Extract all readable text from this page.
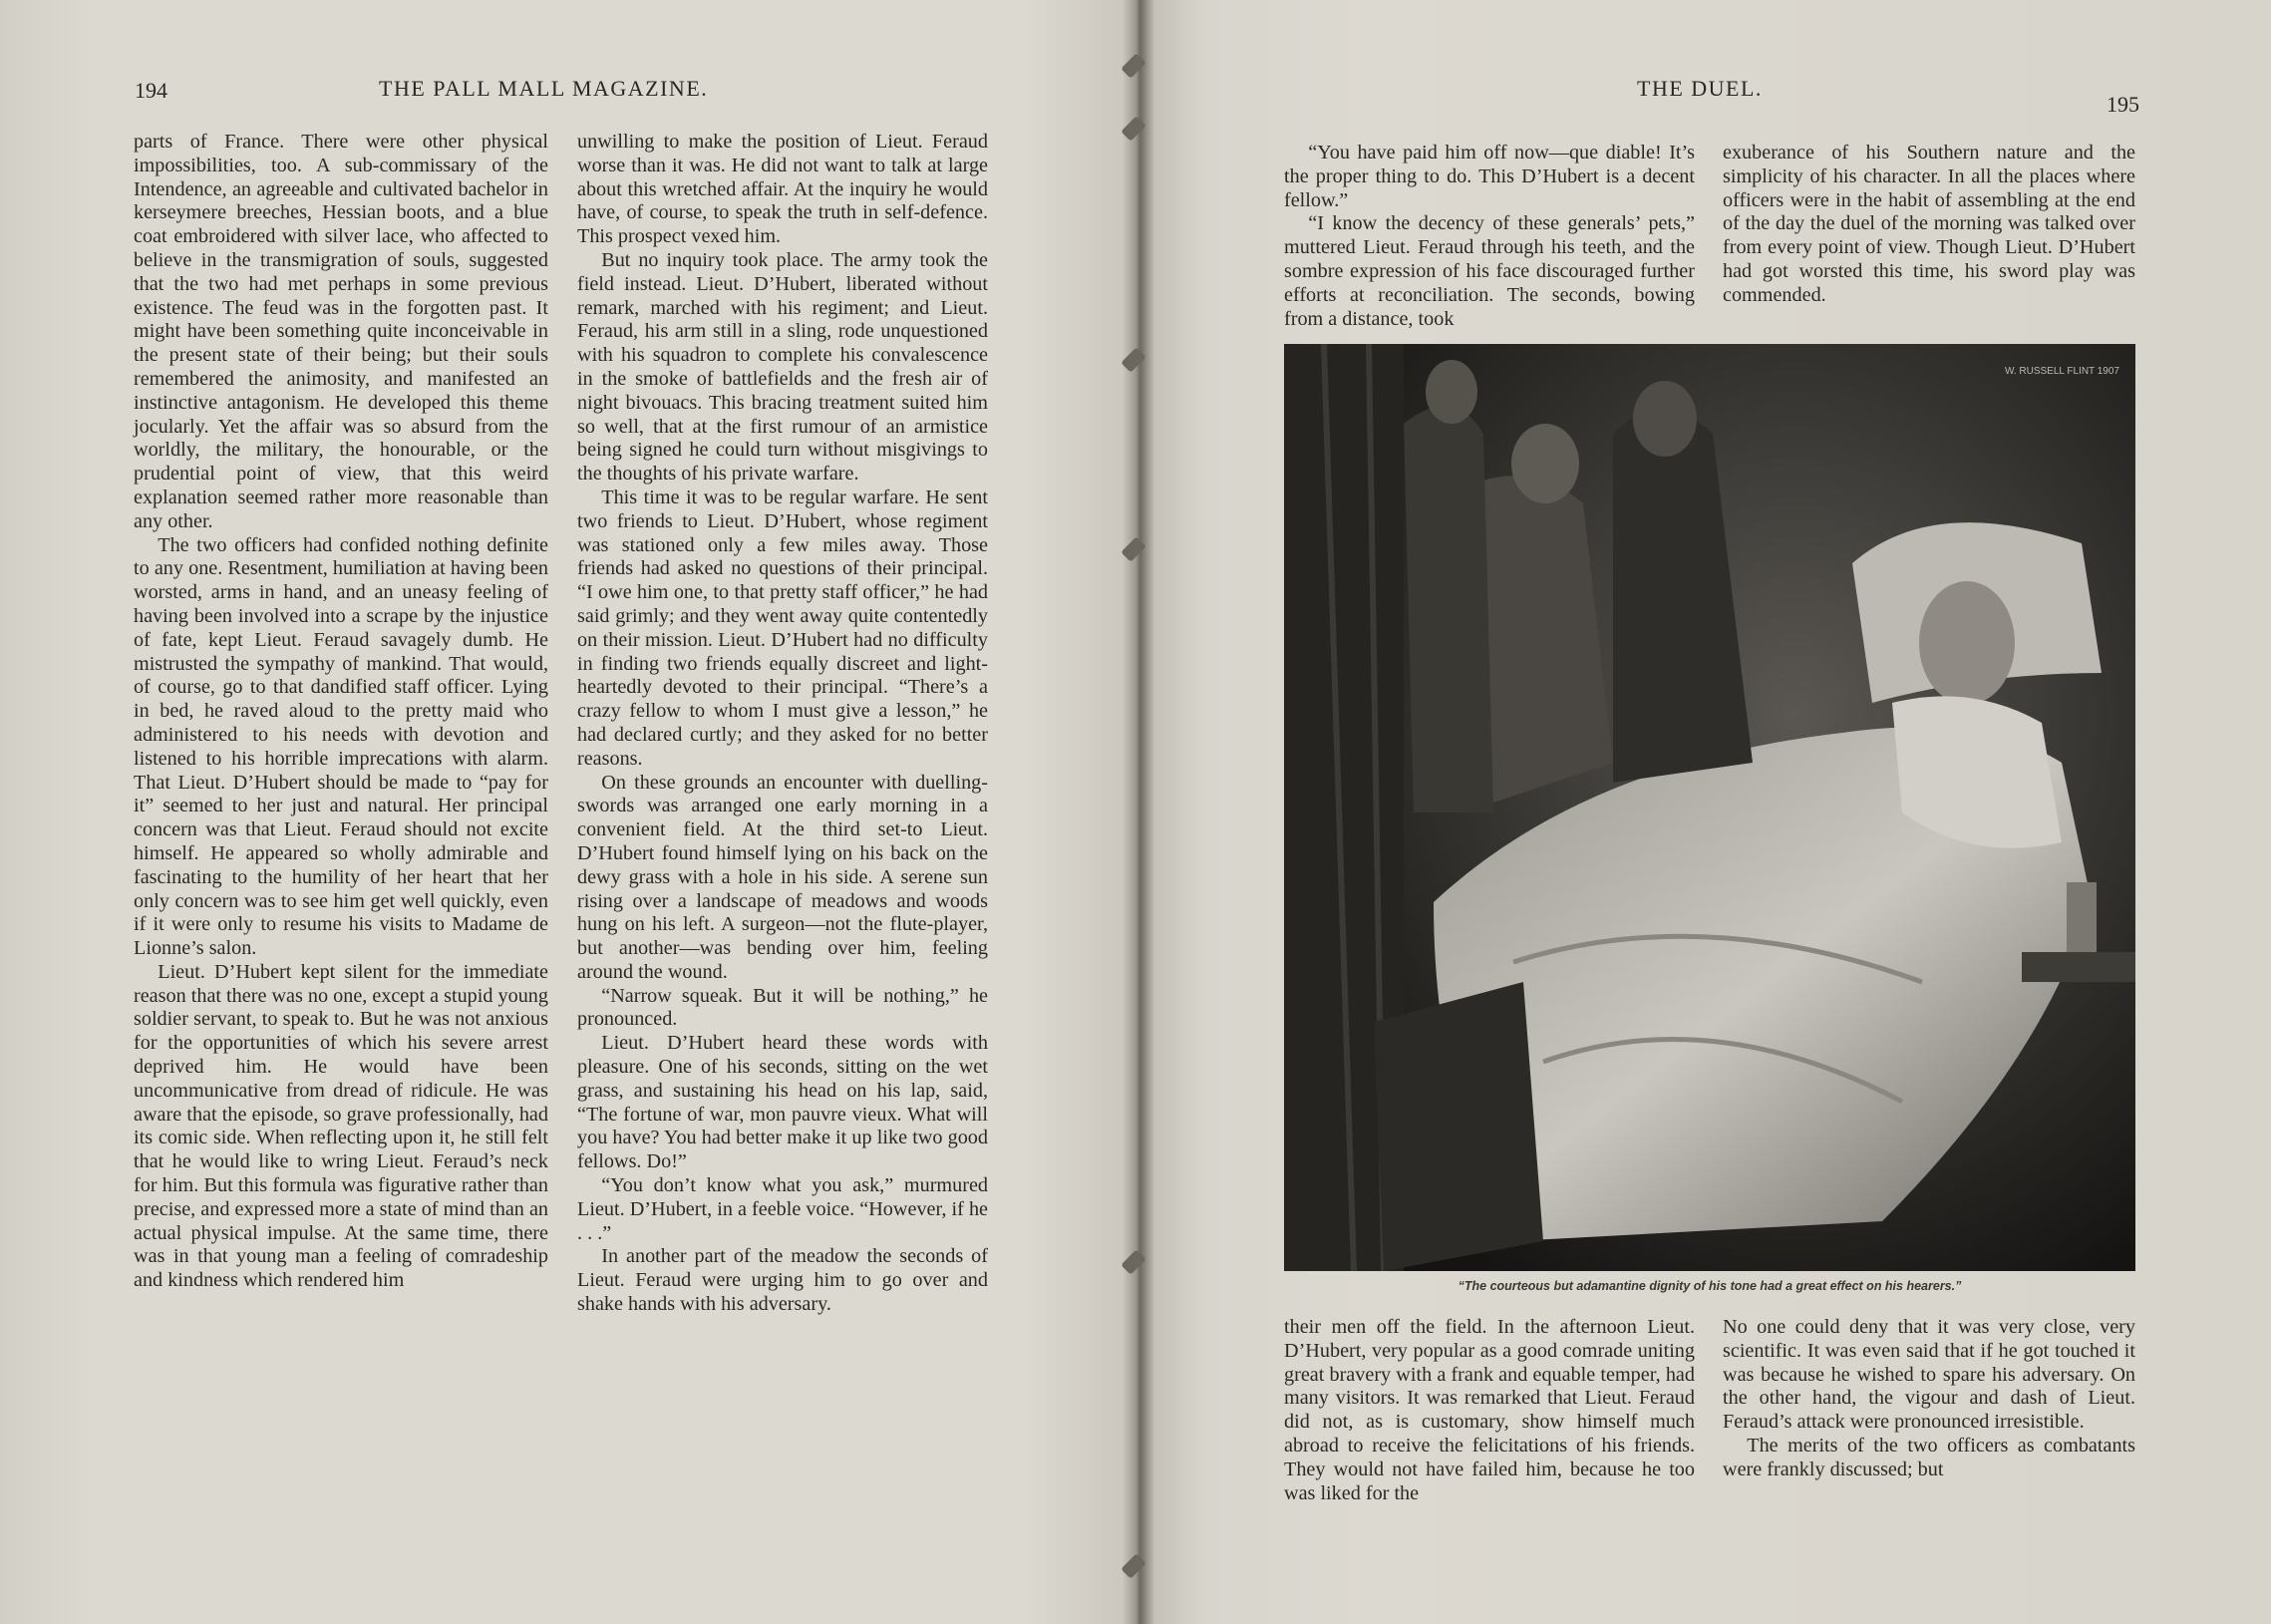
194	THE PALL MALL MAGAZINE.

parts of France. There were other physical impossibilities, too. A sub-commissary of the Intendence, an agreeable and cultivated bachelor in kerseymere breeches, Hessian boots, and a blue coat embroidered with silver lace, who affected to believe in the transmigration of souls, suggested that the two had met perhaps in some previous existence. The feud was in the forgotten past. It might have been something quite inconceivable in the present state of their being; but their souls remembered the animosity, and manifested an instinctive antagonism. He developed this theme jocularly. Yet the affair was so absurd from the worldly, the military, the honourable, or the prudential point of view, that this weird explanation seemed rather more reasonable than any other.

The two officers had confided nothing definite to any one. Resentment, humiliation at having been worsted, arms in hand, and an uneasy feeling of having been involved into a scrape by the injustice of fate, kept Lieut. Feraud savagely dumb. He mistrusted the sympathy of mankind. That would, of course, go to that dandified staff officer. Lying in bed, he raved aloud to the pretty maid who administered to his needs with devotion and listened to his horrible imprecations with alarm. That Lieut. D’Hubert should be made to “pay for it” seemed to her just and natural. Her principal concern was that Lieut. Feraud should not excite himself. He appeared so wholly admirable and fascinating to the humility of her heart that her only concern was to see him get well quickly, even if it were only to resume his visits to Madame de Lionne’s salon.

Lieut. D’Hubert kept silent for the immediate reason that there was no one, except a stupid young soldier servant, to speak to. But he was not anxious for the opportunities of which his severe arrest deprived him. He would have been uncommunicative from dread of ridicule. He was aware that the episode, so grave professionally, had its comic side. When reflecting upon it, he still felt that he would like to wring Lieut. Feraud’s neck for him. But this formula was figurative rather than precise, and expressed more a state of mind than an actual physical impulse. At the same time, there was in that young man a feeling of comradeship and kindness which rendered him

unwilling to make the position of Lieut. Feraud worse than it was. He did not want to talk at large about this wretched affair. At the inquiry he would have, of course, to speak the truth in self-defence. This prospect vexed him.

But no inquiry took place. The army took the field instead. Lieut. D’Hubert, liberated without remark, marched with his regiment; and Lieut. Feraud, his arm still in a sling, rode unquestioned with his squadron to complete his convalescence in the smoke of battlefields and the fresh air of night bivouacs. This bracing treatment suited him so well, that at the first rumour of an armistice being signed he could turn without misgivings to the thoughts of his private warfare.

This time it was to be regular warfare. He sent two friends to Lieut. D’Hubert, whose regiment was stationed only a few miles away. Those friends had asked no questions of their principal. “I owe him one, to that pretty staff officer,” he had said grimly; and they went away quite contentedly on their mission. Lieut. D’Hubert had no difficulty in finding two friends equally discreet and light-heartedly devoted to their principal. “There’s a crazy fellow to whom I must give a lesson,” he had declared curtly; and they asked for no better reasons.

On these grounds an encounter with duelling-swords was arranged one early morning in a convenient field. At the third set-to Lieut. D’Hubert found himself lying on his back on the dewy grass with a hole in his side. A serene sun rising over a landscape of meadows and woods hung on his left. A surgeon—not the flute-player, but another—was bending over him, feeling around the wound.

“Narrow squeak. But it will be nothing,” he pronounced.

Lieut. D’Hubert heard these words with pleasure. One of his seconds, sitting on the wet grass, and sustaining his head on his lap, said, “The fortune of war, mon pauvre vieux. What will you have? You had better make it up like two good fellows. Do!”

“You don’t know what you ask,” murmured Lieut. D’Hubert, in a feeble voice. “However, if he . . .”

In another part of the meadow the seconds of Lieut. Feraud were urging him to go over and shake hands with his adversary.

THE DUEL.
195

“You have paid him off now—que diable! It’s the proper thing to do. This D’Hubert is a decent fellow.”

“I know the decency of these generals’ pets,” muttered Lieut. Feraud through his teeth, and the sombre expression of his face discouraged further efforts at reconciliation. The seconds, bowing from a distance, took

exuberance of his Southern nature and the simplicity of his character. In all the places where officers were in the habit of assembling at the end of the day the duel of the morning was talked over from every point of view. Though Lieut. D’Hubert had got worsted this time, his sword play was commended.

W. RUSSELL FLINT 1907
“The courteous but adamantine dignity of his tone had a great effect on his hearers.”

their men off the field. In the afternoon Lieut. D’Hubert, very popular as a good comrade uniting great bravery with a frank and equable temper, had many visitors. It was remarked that Lieut. Feraud did not, as is customary, show himself much abroad to receive the felicitations of his friends. They would not have failed him, because he too was liked for the

No one could deny that it was very close, very scientific. It was even said that if he got touched it was because he wished to spare his adversary. On the other hand, the vigour and dash of Lieut. Feraud’s attack were pronounced irresistible.

The merits of the two officers as combatants were frankly discussed; but
